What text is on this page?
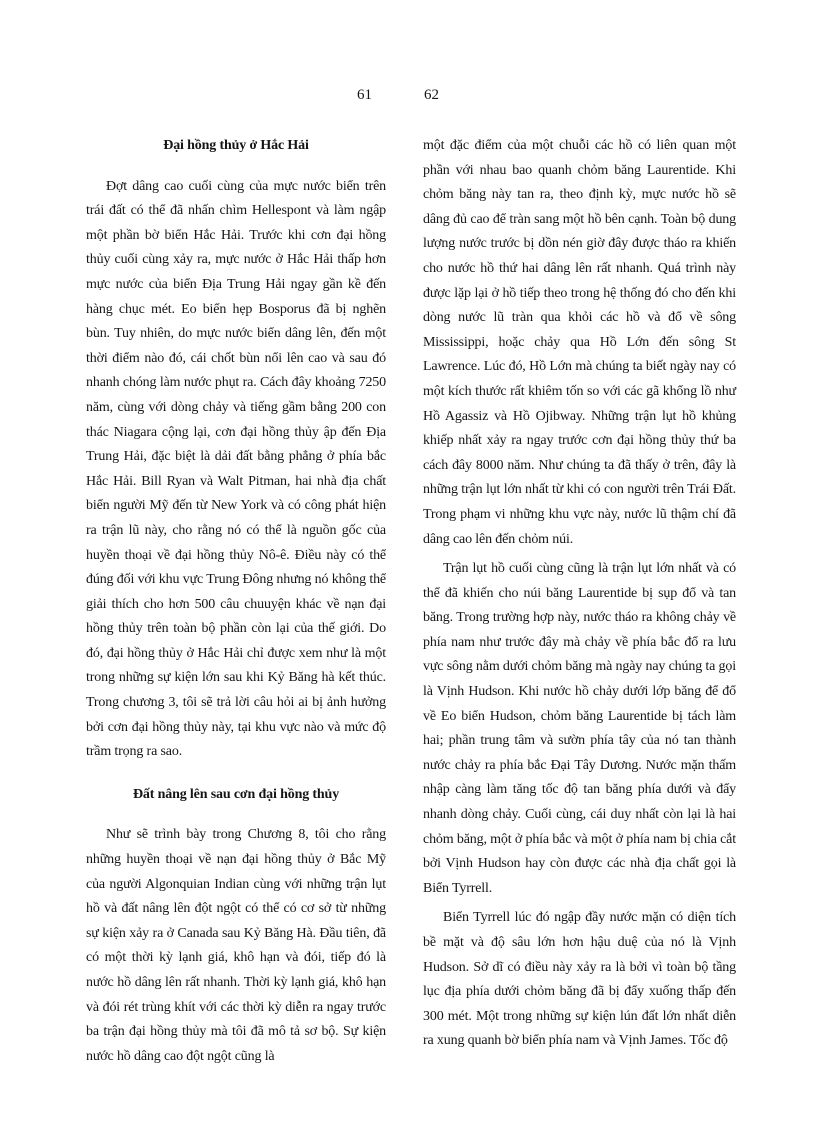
61	62
Đại hồng thủy ở Hắc Hải

Đợt dâng cao cuối cùng của mực nước biển trên trái đất có thể đã nhấn chìm Hellespont và làm ngập một phần bờ biển Hắc Hải. Trước khi cơn đại hồng thủy cuối cùng xảy ra, mực nước ở Hắc Hải thấp hơn mực nước của biển Địa Trung Hải ngay gần kề đến hàng chục mét. Eo biển hẹp Bosporus đã bị nghẽn bùn. Tuy nhiên, do mực nước biển dâng lên, đến một thời điểm nào đó, cái chốt bùn nổi lên cao và sau đó nhanh chóng làm nước phụt ra. Cách đây khoảng 7250 năm, cùng với dòng chảy và tiếng gầm bằng 200 con thác Niagara cộng lại, cơn đại hồng thủy ập đến Địa Trung Hải, đặc biệt là dải đất bằng phẳng ở phía bắc Hắc Hải. Bill Ryan và Walt Pitman, hai nhà địa chất biển người Mỹ đến từ New York và có công phát hiện ra trận lũ này, cho rằng nó có thể là nguồn gốc của huyền thoại về đại hồng thủy Nô-ê. Điều này có thể đúng đối với khu vực Trung Đông nhưng nó không thể giải thích cho hơn 500 câu chuuyện khác về nạn đại hồng thủy trên toàn bộ phần còn lại của thế giới. Do đó, đại hồng thủy ở Hắc Hải chỉ được xem như là một trong những sự kiện lớn sau khi Kỷ Băng hà kết thúc. Trong chương 3, tôi sẽ trả lời câu hỏi ai bị ảnh hưởng bởi cơn đại hồng thủy này, tại khu vực nào và mức độ trầm trọng ra sao.

Đất nâng lên sau cơn đại hồng thủy

Như sẽ trình bày trong Chương 8, tôi cho rằng những huyền thoại về nạn đại hồng thủy ở Bắc Mỹ của người Algonquian Indian cùng với những trận lụt hồ và đất nâng lên đột ngột có thể có cơ sở từ những sự kiện xảy ra ở Canada sau Kỷ Băng Hà. Đầu tiên, đã có một thời kỳ lạnh giá, khô hạn và đói, tiếp đó là nước hồ dâng lên rất nhanh. Thời kỳ lạnh giá, khô hạn và đói rét trùng khít với các thời kỳ diễn ra ngay trước ba trận đại hồng thủy mà tôi đã mô tả sơ bộ. Sự kiện nước hồ dâng cao đột ngột cũng là

một đặc điểm của một chuỗi các hồ có liên quan một phần với nhau bao quanh chỏm băng Laurentide. Khi chỏm băng này tan ra, theo định kỳ, mực nước hồ sẽ dâng đủ cao để tràn sang một hồ bên cạnh. Toàn bộ dung lượng nước trước bị dồn nén giờ đây được tháo ra khiến cho nước hồ thứ hai dâng lên rất nhanh. Quá trình này được lặp lại ở hồ tiếp theo trong hệ thống đó cho đến khi dòng nước lũ tràn qua khỏi các hồ và đổ về sông Mississippi, hoặc chảy qua Hồ Lớn đến sông St Lawrence. Lúc đó, Hồ Lớn mà chúng ta biết ngày nay có một kích thước rất khiêm tốn so với các gã khổng lồ như Hồ Agassiz và Hồ Ojibway. Những trận lụt hồ khủng khiếp nhất xảy ra ngay trước cơn đại hồng thủy thứ ba cách đây 8000 năm. Như chúng ta đã thấy ở trên, đây là những trận lụt lớn nhất từ khi có con người trên Trái Đất. Trong phạm vi những khu vực này, nước lũ thậm chí đã dâng cao lên đến chỏm núi.

Trận lụt hồ cuối cùng cũng là trận lụt lớn nhất và có thể đã khiến cho núi băng Laurentide bị sụp đổ và tan băng. Trong trường hợp này, nước tháo ra không chảy về phía nam như trước đây mà chảy về phía bắc đổ ra lưu vực sông nằm dưới chỏm băng mà ngày nay chúng ta gọi là Vịnh Hudson. Khi nước hồ chảy dưới lớp băng để đổ về Eo biển Hudson, chỏm băng Laurentide bị tách làm hai; phần trung tâm và sườn phía tây của nó tan thành nước chảy ra phía bắc Đại Tây Dương. Nước mặn thấm nhập càng làm tăng tốc độ tan băng phía dưới và đẩy nhanh dòng chảy. Cuối cùng, cái duy nhất còn lại là hai chỏm băng, một ở phía bắc và một ở phía nam bị chia cắt bởi Vịnh Hudson hay còn được các nhà địa chất gọi là Biển Tyrrell.

Biển Tyrrell lúc đó ngập đầy nước mặn có diện tích bề mặt và độ sâu lớn hơn hậu duệ của nó là Vịnh Hudson. Sở dĩ có điều này xảy ra là bởi vì toàn bộ tầng lục địa phía dưới chỏm băng đã bị đẩy xuống thấp đến 300 mét. Một trong những sự kiện lún đất lớn nhất diễn ra xung quanh bờ biển phía nam và Vịnh James. Tốc độ
